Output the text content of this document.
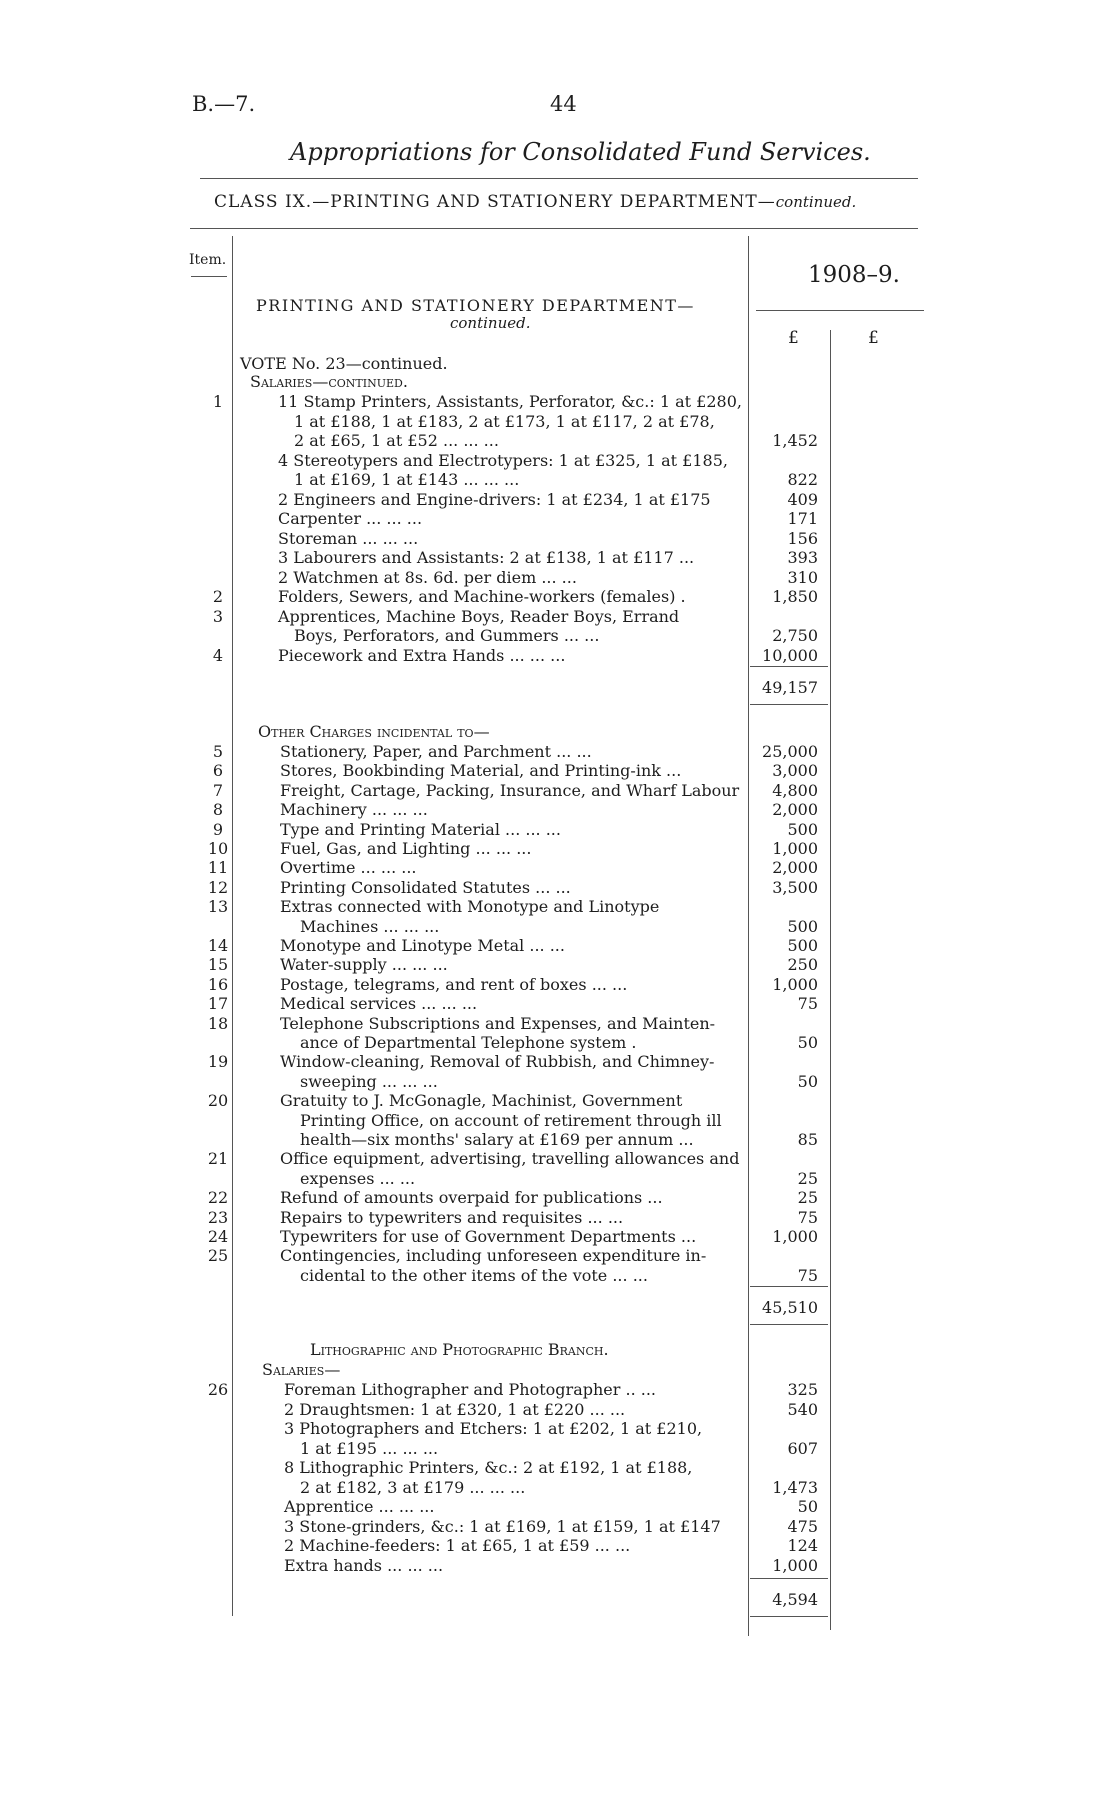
B.—7.	44
Appropriations for Consolidated Fund Services.
CLASS IX.—PRINTING AND STATIONERY DEPARTMENT—continued.
Item.
1908–9.
£	£
PRINTING AND STATIONERY DEPARTMENT—
continued.
VOTE No. 23—continued.
Salaries—continued.
1	11 Stamp Printers, Assistants, Perforator, &c.: 1 at £280,
1 at £188, 1 at £183, 2 at £173, 1 at £117, 2 at £78,
2 at £65, 1 at £52 ... ... ...	1,452
4 Stereotypers and Electrotypers: 1 at £325, 1 at £185,
1 at £169, 1 at £143 ... ... ...	822
2 Engineers and Engine-drivers: 1 at £234, 1 at £175	409
Carpenter ... ... ...	171
Storeman ... ... ...	156
3 Labourers and Assistants: 2 at £138, 1 at £117 ...	393
2 Watchmen at 8s. 6d. per diem ... ...	310
2	Folders, Sewers, and Machine-workers (females) .	1,850
3	Apprentices, Machine Boys, Reader Boys, Errand
Boys, Perforators, and Gummers ... ...	2,750
4	Piecework and Extra Hands ... ... ...	10,000
49,157
Other Charges incidental to—
5	Stationery, Paper, and Parchment ... ...	25,000
6	Stores, Bookbinding Material, and Printing-ink ...	3,000
7	Freight, Cartage, Packing, Insurance, and Wharf Labour	4,800
8	Machinery ... ... ...	2,000
9	Type and Printing Material ... ... ...	500
10	Fuel, Gas, and Lighting ... ... ...	1,000
11	Overtime ... ... ...	2,000
12	Printing Consolidated Statutes ... ...	3,500
13	Extras connected with Monotype and Linotype
Machines ... ... ...	500
14	Monotype and Linotype Metal ... ...	500
15	Water-supply ... ... ...	250
16	Postage, telegrams, and rent of boxes ... ...	1,000
17	Medical services ... ... ...	75
18	Telephone Subscriptions and Expenses, and Mainten-
ance of Departmental Telephone system .	50
19	Window-cleaning, Removal of Rubbish, and Chimney-
sweeping ... ... ...	50
20	Gratuity to J. McGonagle, Machinist, Government
Printing Office, on account of retirement through ill
health—six months' salary at £169 per annum ...	85
21	Office equipment, advertising, travelling allowances and
expenses ... ...	25
22	Refund of amounts overpaid for publications ...	25
23	Repairs to typewriters and requisites ... ...	75
24	Typewriters for use of Government Departments ...	1,000
25	Contingencies, including unforeseen expenditure in-
cidental to the other items of the vote ... ...	75
45,510
Lithographic and Photographic Branch.
Salaries—
26	Foreman Lithographer and Photographer .. ...	325
2 Draughtsmen: 1 at £320, 1 at £220 ... ...	540
3 Photographers and Etchers: 1 at £202, 1 at £210,
1 at £195 ... ... ...	607
8 Lithographic Printers, &c.: 2 at £192, 1 at £188,
2 at £182, 3 at £179 ... ... ...	1,473
Apprentice ... ... ...	50
3 Stone-grinders, &c.: 1 at £169, 1 at £159, 1 at £147	475
2 Machine-feeders: 1 at £65, 1 at £59 ... ...	124
Extra hands ... ... ...	1,000
4,594
